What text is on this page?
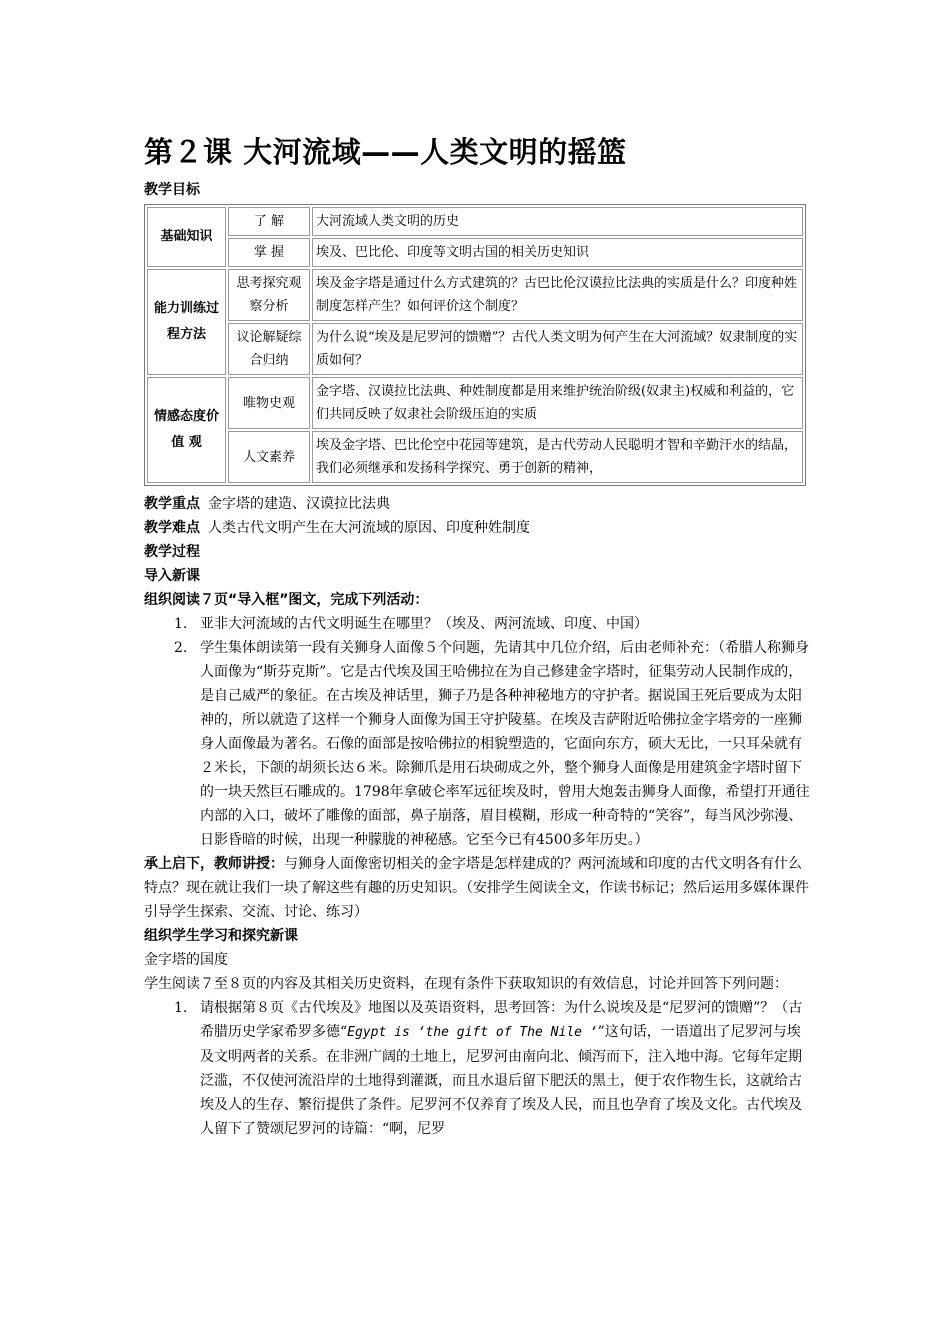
第２课 大河流域——人类文明的摇篮
教学目标
基础知识	了 解	大河流域人类文明的历史
	掌 握	埃及、巴比伦、印度等文明古国的相关历史知识
能力训练过程方法	思考探究观察分析	埃及金字塔是通过什么方式建筑的？古巴比伦汉谟拉比法典的实质是什么？印度种姓制度怎样产生？如何评价这个制度？
	议论解疑综合归纳	为什么说“埃及是尼罗河的馈赠”？古代人类文明为何产生在大河流域？奴隶制度的实质如何？
情感态度价值 观	唯物史观	金字塔、汉谟拉比法典、种姓制度都是用来维护统治阶级(奴隶主)权威和利益的，它们共同反映了奴隶社会阶级压迫的实质
	人文素养	埃及金字塔、巴比伦空中花园等建筑，是古代劳动人民聪明才智和辛勤汗水的结晶，我们必须继承和发扬科学探究、勇于创新的精神，
教学重点 金字塔的建造、汉谟拉比法典
教学难点 人类古代文明产生在大河流域的原因、印度种姓制度
教学过程
导入新课
组织阅读７页“导入框”图文，完成下列活动：
1. 亚非大河流域的古代文明诞生在哪里？（埃及、两河流域、印度、中国）
2. 学生集体朗读第一段有关狮身人面像５个问题，先请其中几位介绍，后由老师补充：（希腊人称狮身人面像为“斯芬克斯”。它是古代埃及国王哈佛拉在为自己修建金字塔时，征集劳动人民制作成的，是自己威严的象征。在古埃及神话里，狮子乃是各种神秘地方的守护者。据说国王死后要成为太阳神的，所以就造了这样一个狮身人面像为国王守护陵墓。在埃及吉萨附近哈佛拉金字塔旁的一座狮身人面像最为著名。石像的面部是按哈佛拉的相貌塑造的，它面向东方，硕大无比，一只耳朵就有２米长，下颌的胡须长达６米。除狮爪是用石块砌成之外，整个狮身人面像是用建筑金字塔时留下的一块天然巨石雕成的。1798年拿破仑率军远征埃及时，曾用大炮轰击狮身人面像，希望打开通往内部的入口，破坏了雕像的面部，鼻子崩落，眉目模糊，形成一种奇特的“笑容”，每当风沙弥漫、日影昏暗的时候，出现一种朦胧的神秘感。它至今已有4500多年历史。）

承上启下，教师讲授：与狮身人面像密切相关的金字塔是怎样建成的？两河流域和印度的古代文明各有什么特点？现在就让我们一块了解这些有趣的历史知识。（安排学生阅读全文，作读书标记；然后运用多媒体课件引导学生探索、交流、讨论、练习）

组织学生学习和探究新课
金字塔的国度

学生阅读７至８页的内容及其相关历史资料，在现有条件下获取知识的有效信息，讨论并回答下列问题：

1. 请根据第８页《古代埃及》地图以及英语资料，思考回答：为什么说埃及是“尼罗河的馈赠”？（古希腊历史学家希罗多德“Egypt is ‘the gift of The Nile ‘”这句话，一语道出了尼罗河与埃及文明两者的关系。在非洲广阔的土地上，尼罗河由南向北、倾泻而下，注入地中海。它每年定期泛滥，不仅使河流沿岸的土地得到灌溉，而且水退后留下肥沃的黑土，便于农作物生长，这就给古埃及人的生存、繁衍提供了条件。尼罗河不仅养育了埃及人民，而且也孕育了埃及文化。古代埃及人留下了赞颂尼罗河的诗篇：“啊，尼罗
